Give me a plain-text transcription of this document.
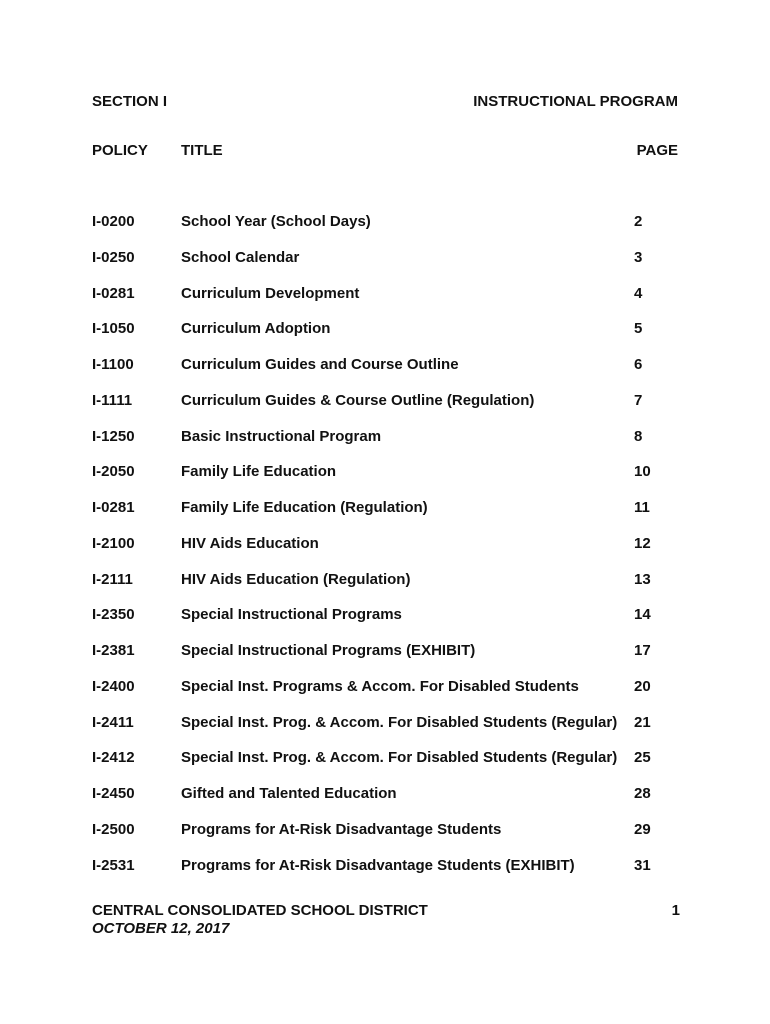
SECTION I	INSTRUCTIONAL PROGRAM
POLICY TITLE	PAGE
I-0200	School Year (School Days)	2
I-0250	School Calendar	3
I-0281	Curriculum Development	4
I-1050	Curriculum Adoption	5
I-1100	Curriculum Guides and Course Outline	6
I-1111	Curriculum Guides & Course Outline (Regulation)	7
I-1250	Basic Instructional Program	8
I-2050	Family Life Education	10
I-0281	Family Life Education (Regulation)	11
I-2100	HIV Aids Education	12
I-2111	HIV Aids Education (Regulation)	13
I-2350	Special Instructional Programs	14
I-2381	Special Instructional Programs (EXHIBIT)	17
I-2400	Special Inst. Programs & Accom. For Disabled Students	20
I-2411	Special Inst. Prog. & Accom. For Disabled Students (Regular) 21
I-2412	Special Inst. Prog. & Accom. For Disabled Students (Regular) 25
I-2450	Gifted and Talented Education	28
I-2500	Programs for At-Risk Disadvantage Students	29
I-2531	Programs for At-Risk Disadvantage Students (EXHIBIT)	31
CENTRAL CONSOLIDATED SCHOOL DISTRICT
OCTOBER 12, 2017
1
